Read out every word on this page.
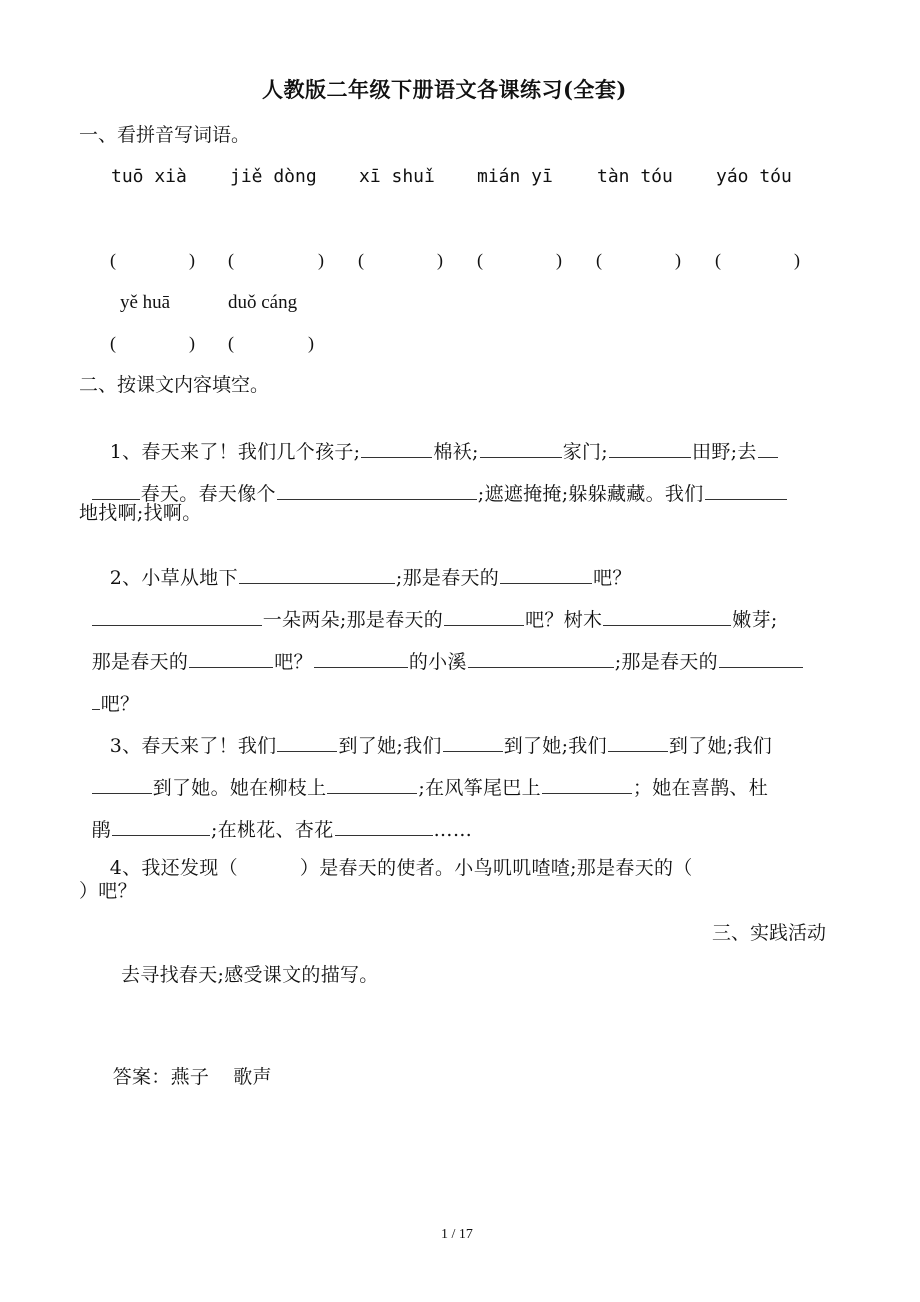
人教版二年级下册语文各课练习(全套)
一、看拼音写词语。
tuō xià jiě dòng xī shuǐ mián yī tàn tóu yáo tóu
(	) (	) (	) (	) (	) (	)
yě huā	duǒ cáng
(	) (	)
二、按课文内容填空。

1、春天来了！我们几个孩子;	棉袄;	家门;	田野;去

春天。春天像个	;遮遮掩掩;躲躲藏藏。我们

地找啊;找啊。

2、小草从地下	;那是春天的	吧？

一朵两朵;那是春天的	吧？树木	嫩芽;

那是春天的	吧？	的小溪	;那是春天的

吧？

3、春天来了！我们	到了她;我们	到了她;我们	到了她;我们

到了她。她在柳枝上	;在风筝尾巴上	；她在喜鹊、杜

鹃	;在桃花、杏花	……

4、我还发现（	）是春天的使者。小鸟叽叽喳喳;那是春天的（

）吧？
三、实践活动
去寻找春天;感受课文的描写。

答案：燕子 歌声

1 / 17
